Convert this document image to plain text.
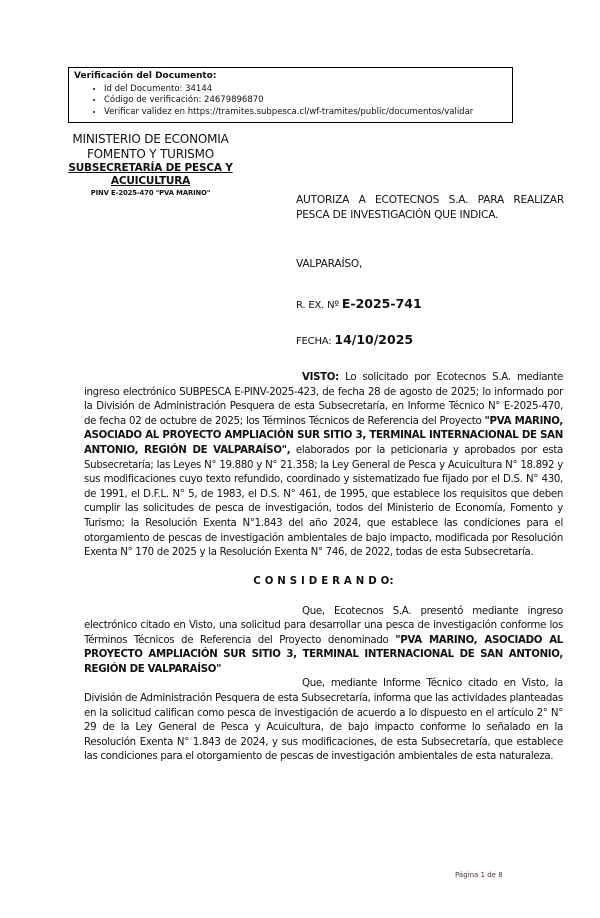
Verificación del Documento:
• Id del Documento: 34144
• Código de verificación: 24679896870
• Verificar validez en https://tramites.subpesca.cl/wf-tramites/public/documentos/validar
MINISTERIO DE ECONOMIA
FOMENTO Y TURISMO
SUBSECRETARÍA DE PESCA Y
ACUICULTURA
PINV E-2025-470 "PVA MARINO"
AUTORIZA A ECOTECNOS S.A. PARA REALIZAR PESCA DE INVESTIGACIÓN QUE INDICA.
VALPARAÍSO,
R. EX. Nº E-2025-741
FECHA: 14/10/2025

VISTO: Lo solicitado por Ecotecnos S.A. mediante ingreso electrónico SUBPESCA E-PINV-2025-423, de fecha 28 de agosto de 2025; lo informado por la División de Administración Pesquera de esta Subsecretaría, en Informe Técnico N° E-2025-470, de fecha 02 de octubre de 2025; los Términos Técnicos de Referencia del Proyecto "PVA MARINO, ASOCIADO AL PROYECTO AMPLIACIÓN SUR SITIO 3, TERMINAL INTERNACIONAL DE SAN ANTONIO, REGIÓN DE VALPARAÍSO", elaborados por la peticionaria y aprobados por esta Subsecretaría; las Leyes N° 19.880 y N° 21.358; la Ley General de Pesca y Acuicultura N° 18.892 y sus modificaciones cuyo texto refundido, coordinado y sistematizado fue fijado por el D.S. N° 430, de 1991, el D.F.L. N° 5, de 1983, el D.S. N° 461, de 1995, que establece los requisitos que deben cumplir las solicitudes de pesca de investigación, todos del Ministerio de Economía, Fomento y Turismo; la Resolución Exenta N°1.843 del año 2024, que establece las condiciones para el otorgamiento de pescas de investigación ambientales de bajo impacto, modificada por Resolución Exenta N° 170 de 2025 y la Resolución Exenta N° 746, de 2022, todas de esta Subsecretaría.

C O N S I D E R A N D O:

Que, Ecotecnos S.A. presentó mediante ingreso electrónico citado en Visto, una solicitud para desarrollar una pesca de investigación conforme los Términos Técnicos de Referencia del Proyecto denominado "PVA MARINO, ASOCIADO AL PROYECTO AMPLIACIÓN SUR SITIO 3, TERMINAL INTERNACIONAL DE SAN ANTONIO, REGIÓN DE VALPARAÍSO"

Que, mediante Informe Técnico citado en Visto, la División de Administración Pesquera de esta Subsecretaría, informa que las actividades planteadas en la solicitud califican como pesca de investigación de acuerdo a lo dispuesto en el artículo 2° N° 29 de la Ley General de Pesca y Acuicultura, de bajo impacto conforme lo señalado en la Resolución Exenta N° 1.843 de 2024, y sus modificaciones, de esta Subsecretaría, que establece las condiciones para el otorgamiento de pescas de investigación ambientales de esta naturaleza.

Página 1 de 8
